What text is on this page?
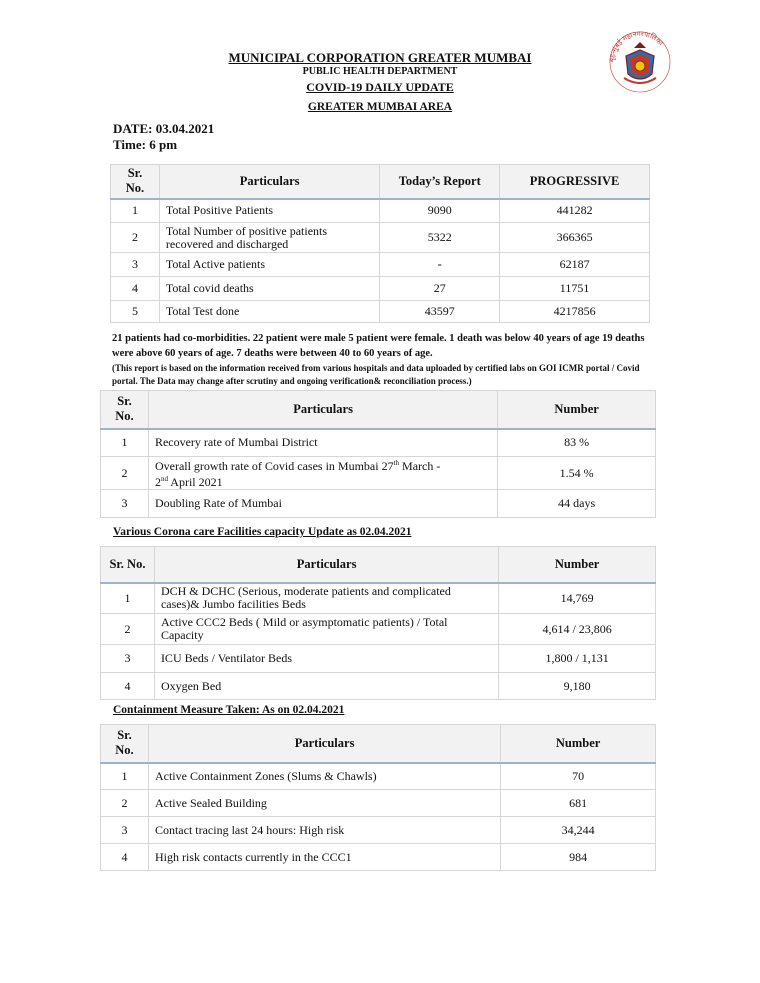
MUNICIPAL CORPORATION GREATER MUMBAI
PUBLIC HEALTH DEPARTMENT
COVID-19 DAILY UPDATE
GREATER MUMBAI AREA
बृहन्मुंबई महानगरपालिका
DATE: 03.04.2021
Time: 6 pm
Sr. No.	Particulars	Today’s Report	PROGRESSIVE
1	Total Positive Patients	9090	441282
2	Total Number of positive patients recovered and discharged	5322	366365
3	Total Active patients	-	62187
4	Total covid deaths	27	11751
5	Total Test done	43597	4217856
21 patients had co-morbidities. 22 patient were male 5 patient were female. 1 death was below 40 years of age 19 deaths were above 60 years of age. 7 deaths were between 40 to 60 years of age.
(This report is based on the information received from various hospitals and data uploaded by certified labs on GOI ICMR portal / Covid portal. The Data may change after scrutiny and ongoing verification& reconciliation process.)
Sr. No.	Particulars	Number
1	Recovery rate of Mumbai District	83 %
2	Overall growth rate of Covid cases in Mumbai 27th March -
2nd April 2021	1.54 %
3	Doubling Rate of Mumbai	44 days
Various Corona care Facilities capacity Update as 02.04.2021
Sr. No.	Particulars	Number
1	DCH & DCHC (Serious, moderate patients and complicated cases)& Jumbo facilities Beds	14,769
2	Active CCC2 Beds ( Mild or asymptomatic patients) / Total Capacity	4,614 / 23,806
3	ICU Beds / Ventilator Beds	1,800 / 1,131
4	Oxygen Bed	9,180
Containment Measure Taken: As on 02.04.2021
Sr. No.	Particulars	Number
1	Active Containment Zones (Slums & Chawls)	70
2	Active Sealed Building	681
3	Contact tracing last 24 hours: High risk	34,244
4	High risk contacts currently in the CCC1	984
